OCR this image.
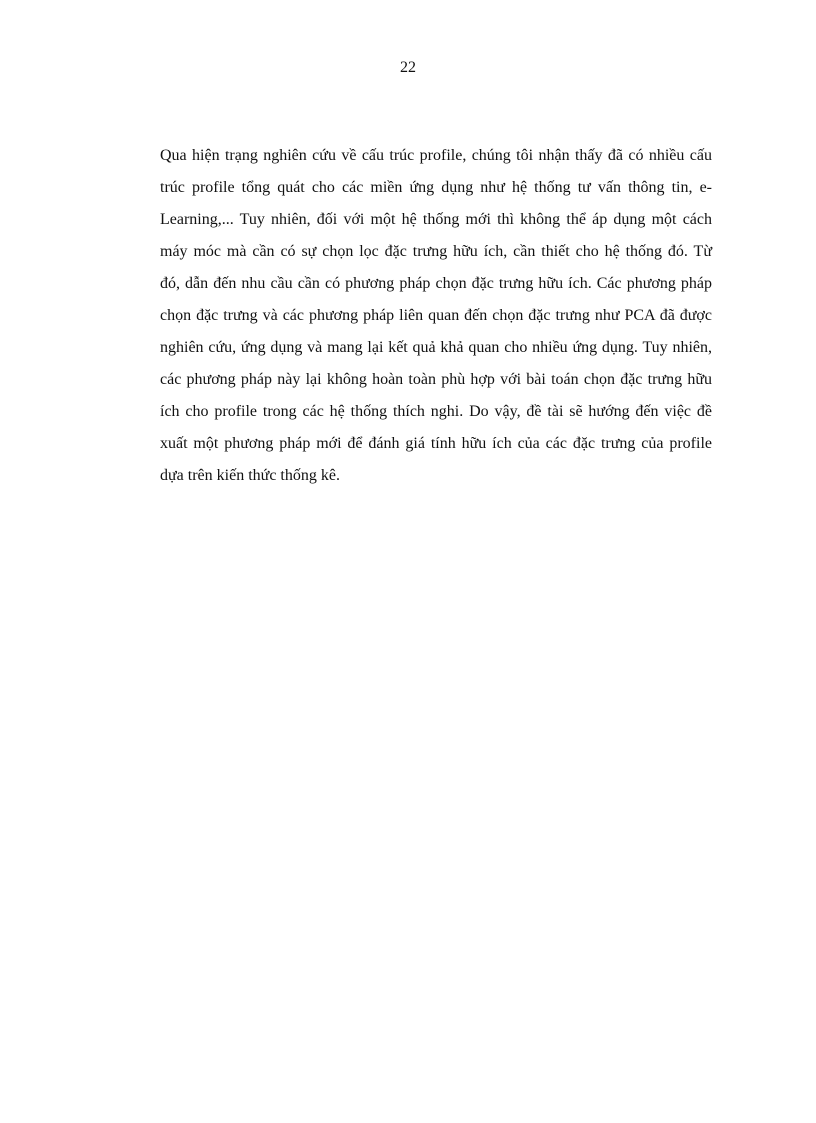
22
Qua hiện trạng nghiên cứu về cấu trúc profile, chúng tôi nhận thấy đã có nhiều cấu
trúc profile tổng quát cho các miền ứng dụng như hệ thống tư vấn thông tin, e-
Learning,... Tuy nhiên, đối với một hệ thống mới thì không thể áp dụng một cách
máy móc mà cần có sự chọn lọc đặc trưng hữu ích, cần thiết cho hệ thống đó. Từ
đó, dẫn đến nhu cầu cần có phương pháp chọn đặc trưng hữu ích. Các phương pháp
chọn đặc trưng và các phương pháp liên quan đến chọn đặc trưng như PCA đã được
nghiên cứu, ứng dụng và mang lại kết quả khả quan cho nhiều ứng dụng. Tuy nhiên,
các phương pháp này lại không hoàn toàn phù hợp với bài toán chọn đặc trưng hữu
ích cho profile trong các hệ thống thích nghi. Do vậy, đề tài sẽ hướng đến việc đề
xuất một phương pháp mới để đánh giá tính hữu ích của các đặc trưng của profile
dựa trên kiến thức thống kê.
